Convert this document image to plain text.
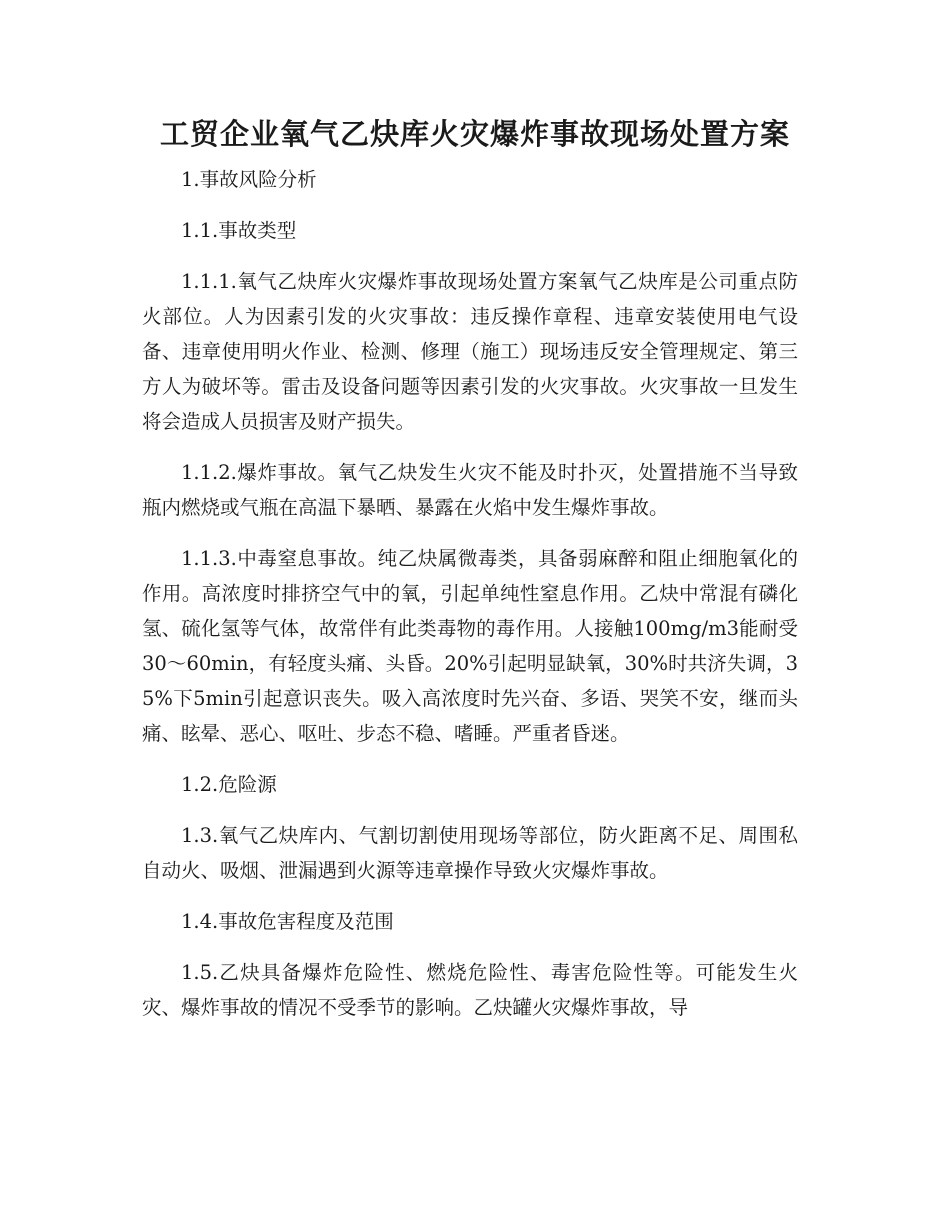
工贸企业氧气乙炔库火灾爆炸事故现场处置方案

1.事故风险分析

1.1.事故类型

1.1.1.氧气乙炔库火灾爆炸事故现场处置方案氧气乙炔库是公司重点防火部位。人为因素引发的火灾事故：违反操作章程、违章安装使用电气设备、违章使用明火作业、检测、修理（施工）现场违反安全管理规定、第三方人为破坏等。雷击及设备问题等因素引发的火灾事故。火灾事故一旦发生将会造成人员损害及财产损失。

1.1.2.爆炸事故。氧气乙炔发生火灾不能及时扑灭，处置措施不当导致瓶内燃烧或气瓶在高温下暴晒、暴露在火焰中发生爆炸事故。

1.1.3.中毒窒息事故。纯乙炔属微毒类，具备弱麻醉和阻止细胞氧化的作用。高浓度时排挤空气中的氧，引起单纯性窒息作用。乙炔中常混有磷化氢、硫化氢等气体，故常伴有此类毒物的毒作用。人接触100mg/m3能耐受30～60min，有轻度头痛、头昏。20%引起明显缺氧，30%时共济失调，35%下5min引起意识丧失。吸入高浓度时先兴奋、多语、哭笑不安，继而头痛、眩晕、恶心、呕吐、步态不稳、嗜睡。严重者昏迷。

1.2.危险源

1.3.氧气乙炔库内、气割切割使用现场等部位，防火距离不足、周围私自动火、吸烟、泄漏遇到火源等违章操作导致火灾爆炸事故。

1.4.事故危害程度及范围

1.5.乙炔具备爆炸危险性、燃烧危险性、毒害危险性等。可能发生火灾、爆炸事故的情况不受季节的影响。乙炔罐火灾爆炸事故，导
